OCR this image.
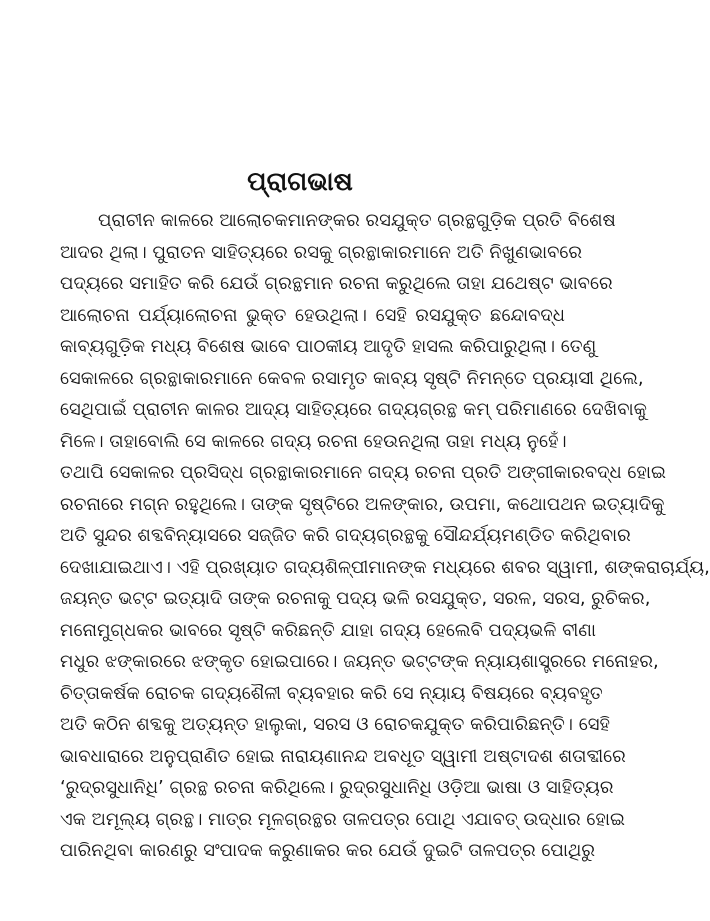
ପ୍ରାଗଭାଷ
ପ୍ରାଚୀନ କାଳରେ ଆଲୋଚକମାନଙ୍କର ରସଯୁକ୍ତ ଗ୍ରନ୍ଥଗୁଡ଼ିକ ପ୍ରତି ବିଶେଷ
ଆଦର ଥିଲା। ପୁରାତନ ସାହିତ୍ୟରେ ରସକୁ ଗ୍ରନ୍ଥାକାରମାନେ ଅତି ନିଖୁଣଭାବରେ
ପଦ୍ୟରେ ସମାହିତ କରି ଯେଉଁ ଗ୍ରନ୍ଥମାନ ରଚନା କରୁଥିଲେ ତାହା ଯଥେଷ୍ଟ ଭାବରେ
ଆଲୋଚନା ପର୍ଯ୍ୟାଲୋଚନା ଭୁକ୍ତ ହେଉଥିଲା। ସେହି ରସଯୁକ୍ତ ଛନ୍ଦୋବଦ୍ଧ
କାବ୍ୟଗୁଡ଼ିକ ମଧ୍ୟ ବିଶେଷ ଭାବେ ପାଠକୀୟ ଆଦୃତି ହାସଲ କରିପାରୁଥିଲା। ତେଣୁ
ସେକାଳରେ ଗ୍ରନ୍ଥାକାରମାନେ କେବଳ ରସାମୃତ କାବ୍ୟ ସୃଷ୍ଟି ନିମନ୍ତେ ପ୍ରୟାସୀ ଥିଲେ,
ସେଥିପାଇଁ ପ୍ରାଚୀନ କାଳର ଆଦ୍ୟ ସାହିତ୍ୟରେ ଗଦ୍ୟଗ୍ରନ୍ଥ କମ୍ ପରିମାଣରେ ଦେଖିବାକୁ
ମିଳେ। ତାହାବୋଲି ସେ କାଳରେ ଗଦ୍ୟ ରଚନା ହେଉନଥିଲା ତାହା ମଧ୍ୟ ନୁହେଁ।
ତଥାପି ସେକାଳର ପ୍ରସିଦ୍ଧ ଗ୍ରନ୍ଥାକାରମାନେ ଗଦ୍ୟ ରଚନା ପ୍ରତି ଅଙ୍ଗୀକାରବଦ୍ଧ ହୋଇ
ରଚନାରେ ମଗ୍ନ ରହୁଥିଲେ। ତାଙ୍କ ସୃଷ୍ଟିରେ ଅଳଙ୍କାର, ଉପମା, କଥୋପଥନ ଇତ୍ୟାଦିକୁ
ଅତି ସୁନ୍ଦର ଶବ୍ଦବିନ୍ୟାସରେ ସଜ୍ଜିତ କରି ଗଦ୍ୟଗ୍ରନ୍ଥକୁ ସୌନ୍ଦର୍ଯ୍ୟମଣ୍ଡିତ କରିଥିବାର
ଦେଖାଯାଇଥାଏ। ଏହି ପ୍ରଖ୍ୟାତ ଗଦ୍ୟଶିଳ୍ପୀମାନଙ୍କ ମଧ୍ୟରେ ଶବର ସ୍ୱାମୀ, ଶଙ୍କରାଚାର୍ଯ୍ୟ,
ଜୟନ୍ତ ଭଟ୍ଟ ଇତ୍ୟାଦି ତାଙ୍କ ରଚନାକୁ ପଦ୍ୟ ଭଳି ରସଯୁକ୍ତ, ସରଳ, ସରସ, ରୁଚିକର,
ମନୋମୁଗ୍ଧକର ଭାବରେ ସୃଷ୍ଟି କରିଛନ୍ତି ଯାହା ଗଦ୍ୟ ହେଲେବି ପଦ୍ୟଭଳି ବୀଣା
ମଧୁର ଝଙ୍କାରରେ ଝଙ୍କୃତ ହୋଇପାରେ। ଜୟନ୍ତ ଭଟ୍ଟଙ୍କ ନ୍ୟାୟଶାସ୍ତ୍ରରେ ମନୋହର,
ଚିତ୍ତାକର୍ଷକ ରୋଚକ ଗଦ୍ୟଶୈଳୀ ବ୍ୟବହାର କରି ସେ ନ୍ୟାୟ ବିଷୟରେ ବ୍ୟବହୃତ
ଅତି କଠିନ ଶବ୍ଦକୁ ଅତ୍ୟନ୍ତ ହାଲୁକା, ସରସ ଓ ରୋଚକଯୁକ୍ତ କରିପାରିଛନ୍ତି। ସେହି
ଭାବଧାରାରେ ଅନୁପ୍ରାଣିତ ହୋଇ ନାରାୟଣାନନ୍ଦ ଅବଧୂତ ସ୍ୱାମୀ ଅଷ୍ଟାଦଶ ଶତାବ୍ଦୀରେ
‘ରୁଦ୍ରସୁଧାନିଧି’ ଗ୍ରନ୍ଥ ରଚନା କରିଥିଲେ। ରୁଦ୍ରସୁଧାନିଧି ଓଡ଼ିଆ ଭାଷା ଓ ସାହିତ୍ୟର
ଏକ ଅମୂଲ୍ୟ ଗ୍ରନ୍ଥ। ମାତ୍ର ମୂଳଗ୍ରନ୍ଥର ତାଳପତ୍ର ପୋଥି ଏଯାବତ୍ ଉଦ୍ଧାର ହୋଇ
ପାରିନଥିବା କାରଣରୁ ସଂପାଦକ କରୁଣାକର କର ଯେଉଁ ଦୁଇଟି ତାଳପତ୍ର ପୋଥିରୁ
